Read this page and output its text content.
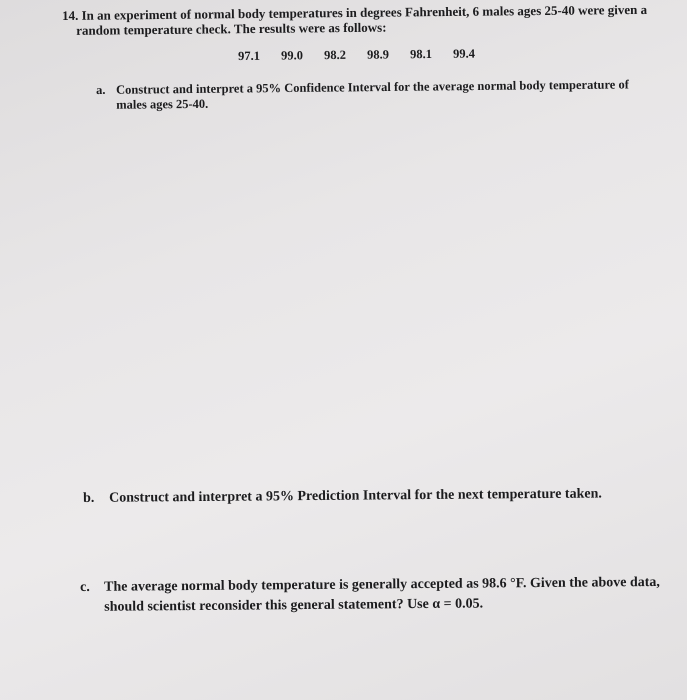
14. In an experiment of normal body temperatures in degrees Fahrenheit, 6 males ages 25-40 were given a
random temperature check. The results were as follows:
97.1	99.0	98.2	98.9	98.1	99.4
a. Construct and interpret a 95% Confidence Interval for the average normal body temperature of males ages 25-40.
b.	Construct and interpret a 95% Prediction Interval for the next temperature taken.
c.	The average normal body temperature is generally accepted as 98.6 °F. Given the above data, should scientist reconsider this general statement? Use α = 0.05.
